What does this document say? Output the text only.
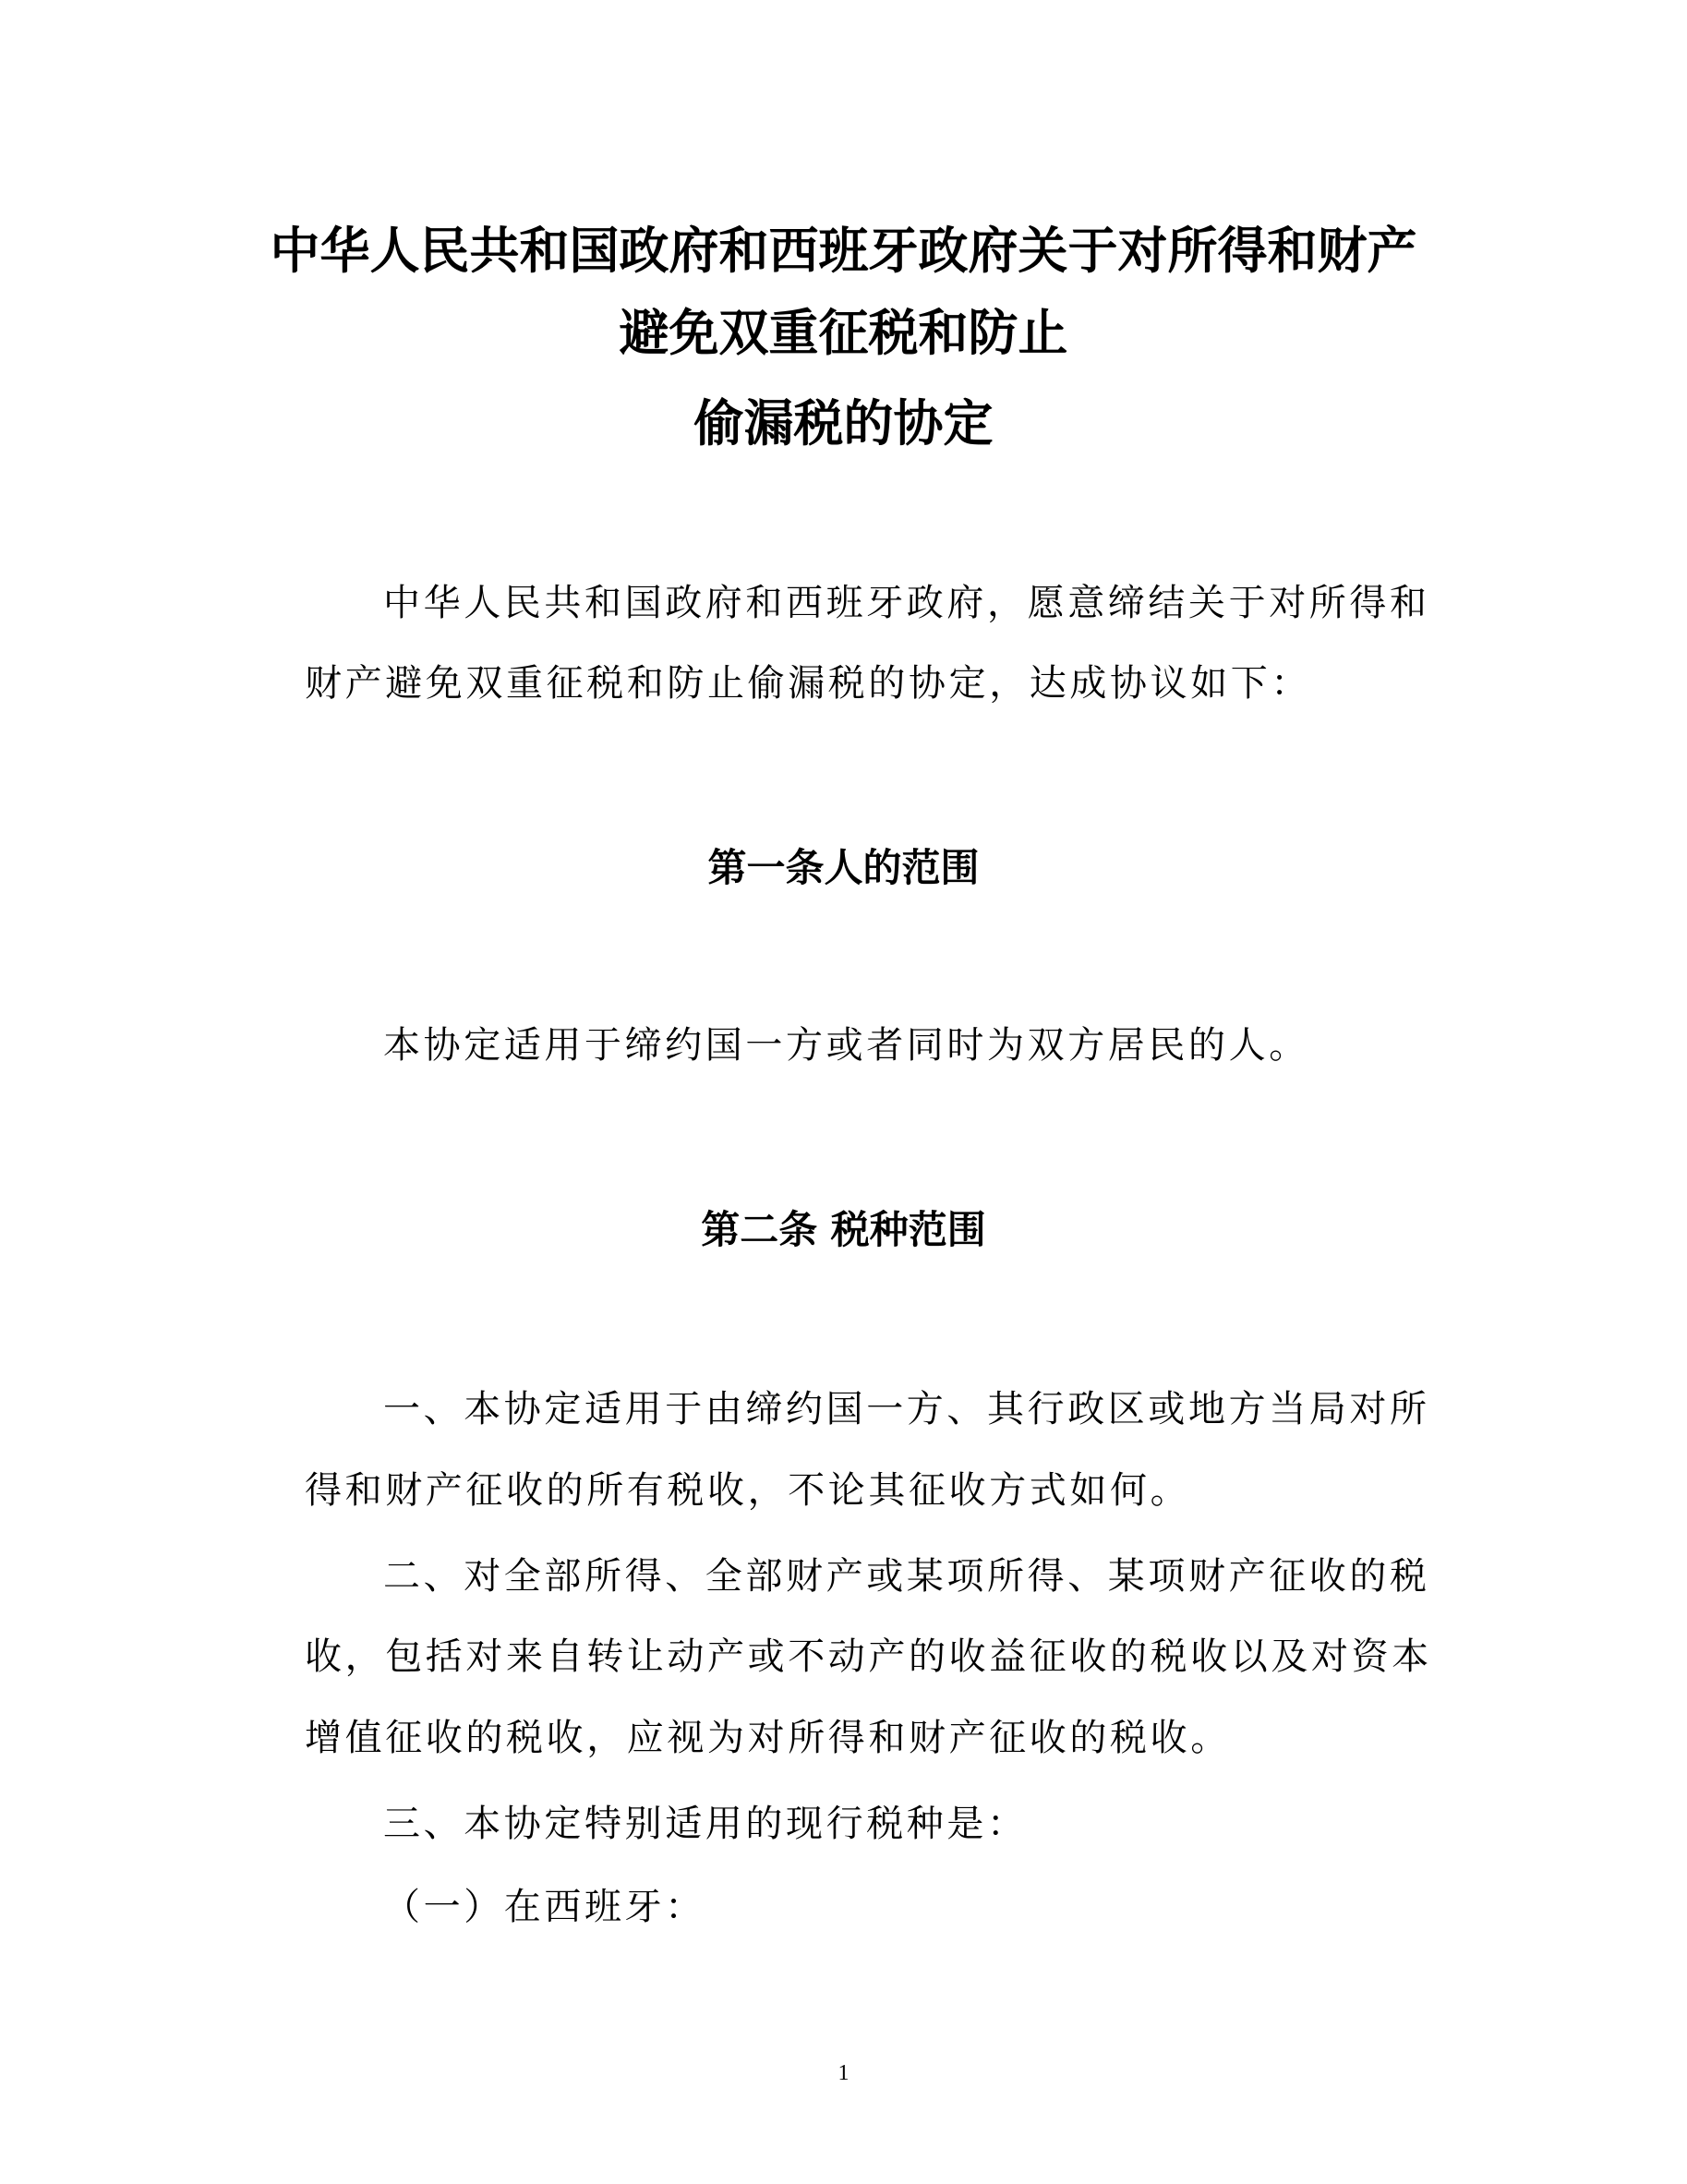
中华人民共和国政府和西班牙政府关于对所得和财产
避免双重征税和防止
偷漏税的协定

中华人民共和国政府和西班牙政府，愿意缔结关于对所得和

财产避免双重征税和防止偷漏税的协定，达成协议如下：

第一条人的范围

本协定适用于缔约国一方或者同时为双方居民的人。

第二条 税种范围

一、本协定适用于由缔约国一方、其行政区或地方当局对所

得和财产征收的所有税收，不论其征收方式如何。

二、对全部所得、全部财产或某项所得、某项财产征收的税

收，包括对来自转让动产或不动产的收益征收的税收以及对资本

增值征收的税收，应视为对所得和财产征收的税收。

三、本协定特别适用的现行税种是：

（一）在西班牙：

1
